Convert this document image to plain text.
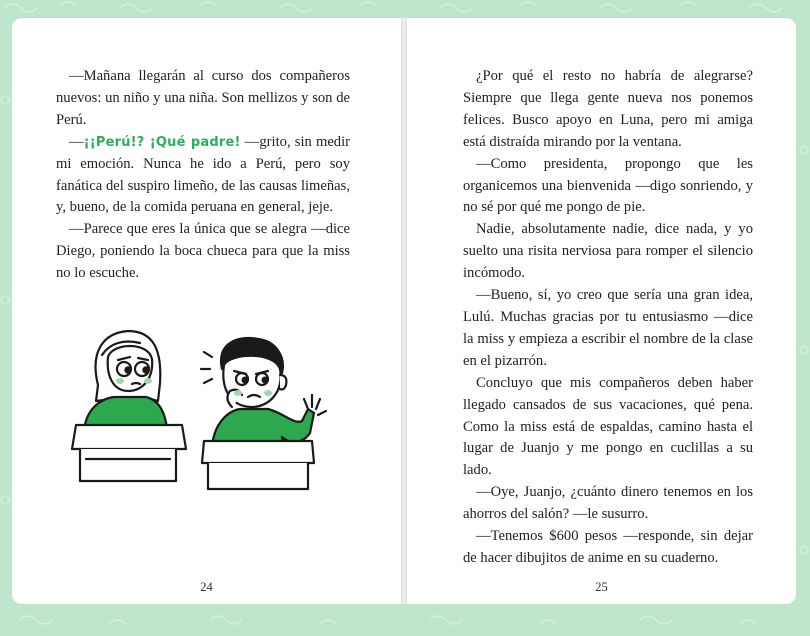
—Mañana llegarán al curso dos compañeros nuevos: un niño y una niña. Son mellizos y son de Perú.

—¡¡Perú!? ¡Qué padre! —grito, sin medir mi emoción. Nunca he ido a Perú, pero soy fanática del suspiro limeño, de las causas limeñas, y, bueno, de la comida peruana en general, jeje.

—Parece que eres la única que se alegra —dice Diego, poniendo la boca chueca para que la miss no lo escuche.

24

¿Por qué el resto no habría de alegrarse? Siempre que llega gente nueva nos ponemos felices. Busco apoyo en Luna, pero mi amiga está distraída mirando por la ventana.

—Como presidenta, propongo que les organicemos una bienvenida —digo sonriendo, y no sé por qué me pongo de pie.

Nadie, absolutamente nadie, dice nada, y yo suelto una risita nerviosa para romper el silencio incómodo.

—Bueno, sí, yo creo que sería una gran idea, Lulú. Muchas gracias por tu entusiasmo —dice la miss y empieza a escribir el nombre de la clase en el pizarrón.

Concluyo que mis compañeros deben haber llegado cansados de sus vacaciones, qué pena. Como la miss está de espaldas, camino hasta el lugar de Juanjo y me pongo en cuclillas a su lado.

—Oye, Juanjo, ¿cuánto dinero tenemos en los ahorros del salón? —le susurro.

—Tenemos $600 pesos —responde, sin dejar de hacer dibujitos de anime en su cuaderno.

25
